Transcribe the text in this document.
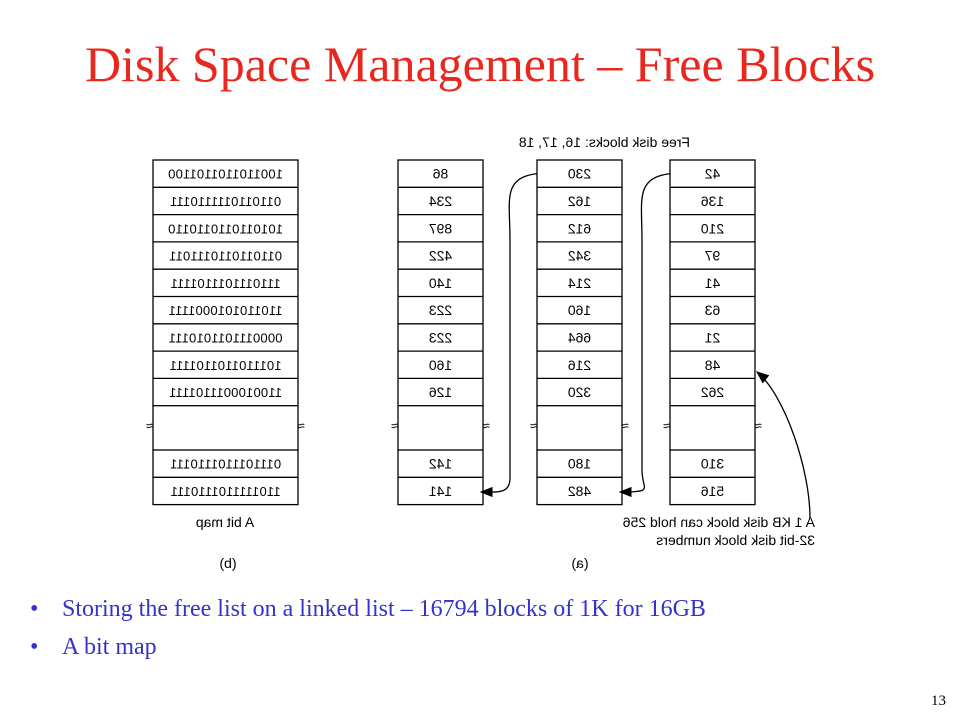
Disk Space Management – Free Blocks
42
136
210
97
41
63
21
48
262
310
516
≈
≈
230
162
612
342
214
160
664
216
320
180
482
≈
≈
86
234
897
422
140
223
223
160
126
142
141
≈
≈
1001101101101100
0110110111110111
1010110110110110
0110110110111011
1110111011101111
1101101010001111
0000111011010111
1011101101101111
1100100011101111
0111011101110111
1101111101110111
≈
≈
Free disk blocks: 16, 17, 18
A 1 KB disk block can hold 256
32-bit disk block numbers
(a)
A bit map
(b)
• Storing the free list on a linked list – 16794 blocks of 1K for 16GB
• A bit map
13
